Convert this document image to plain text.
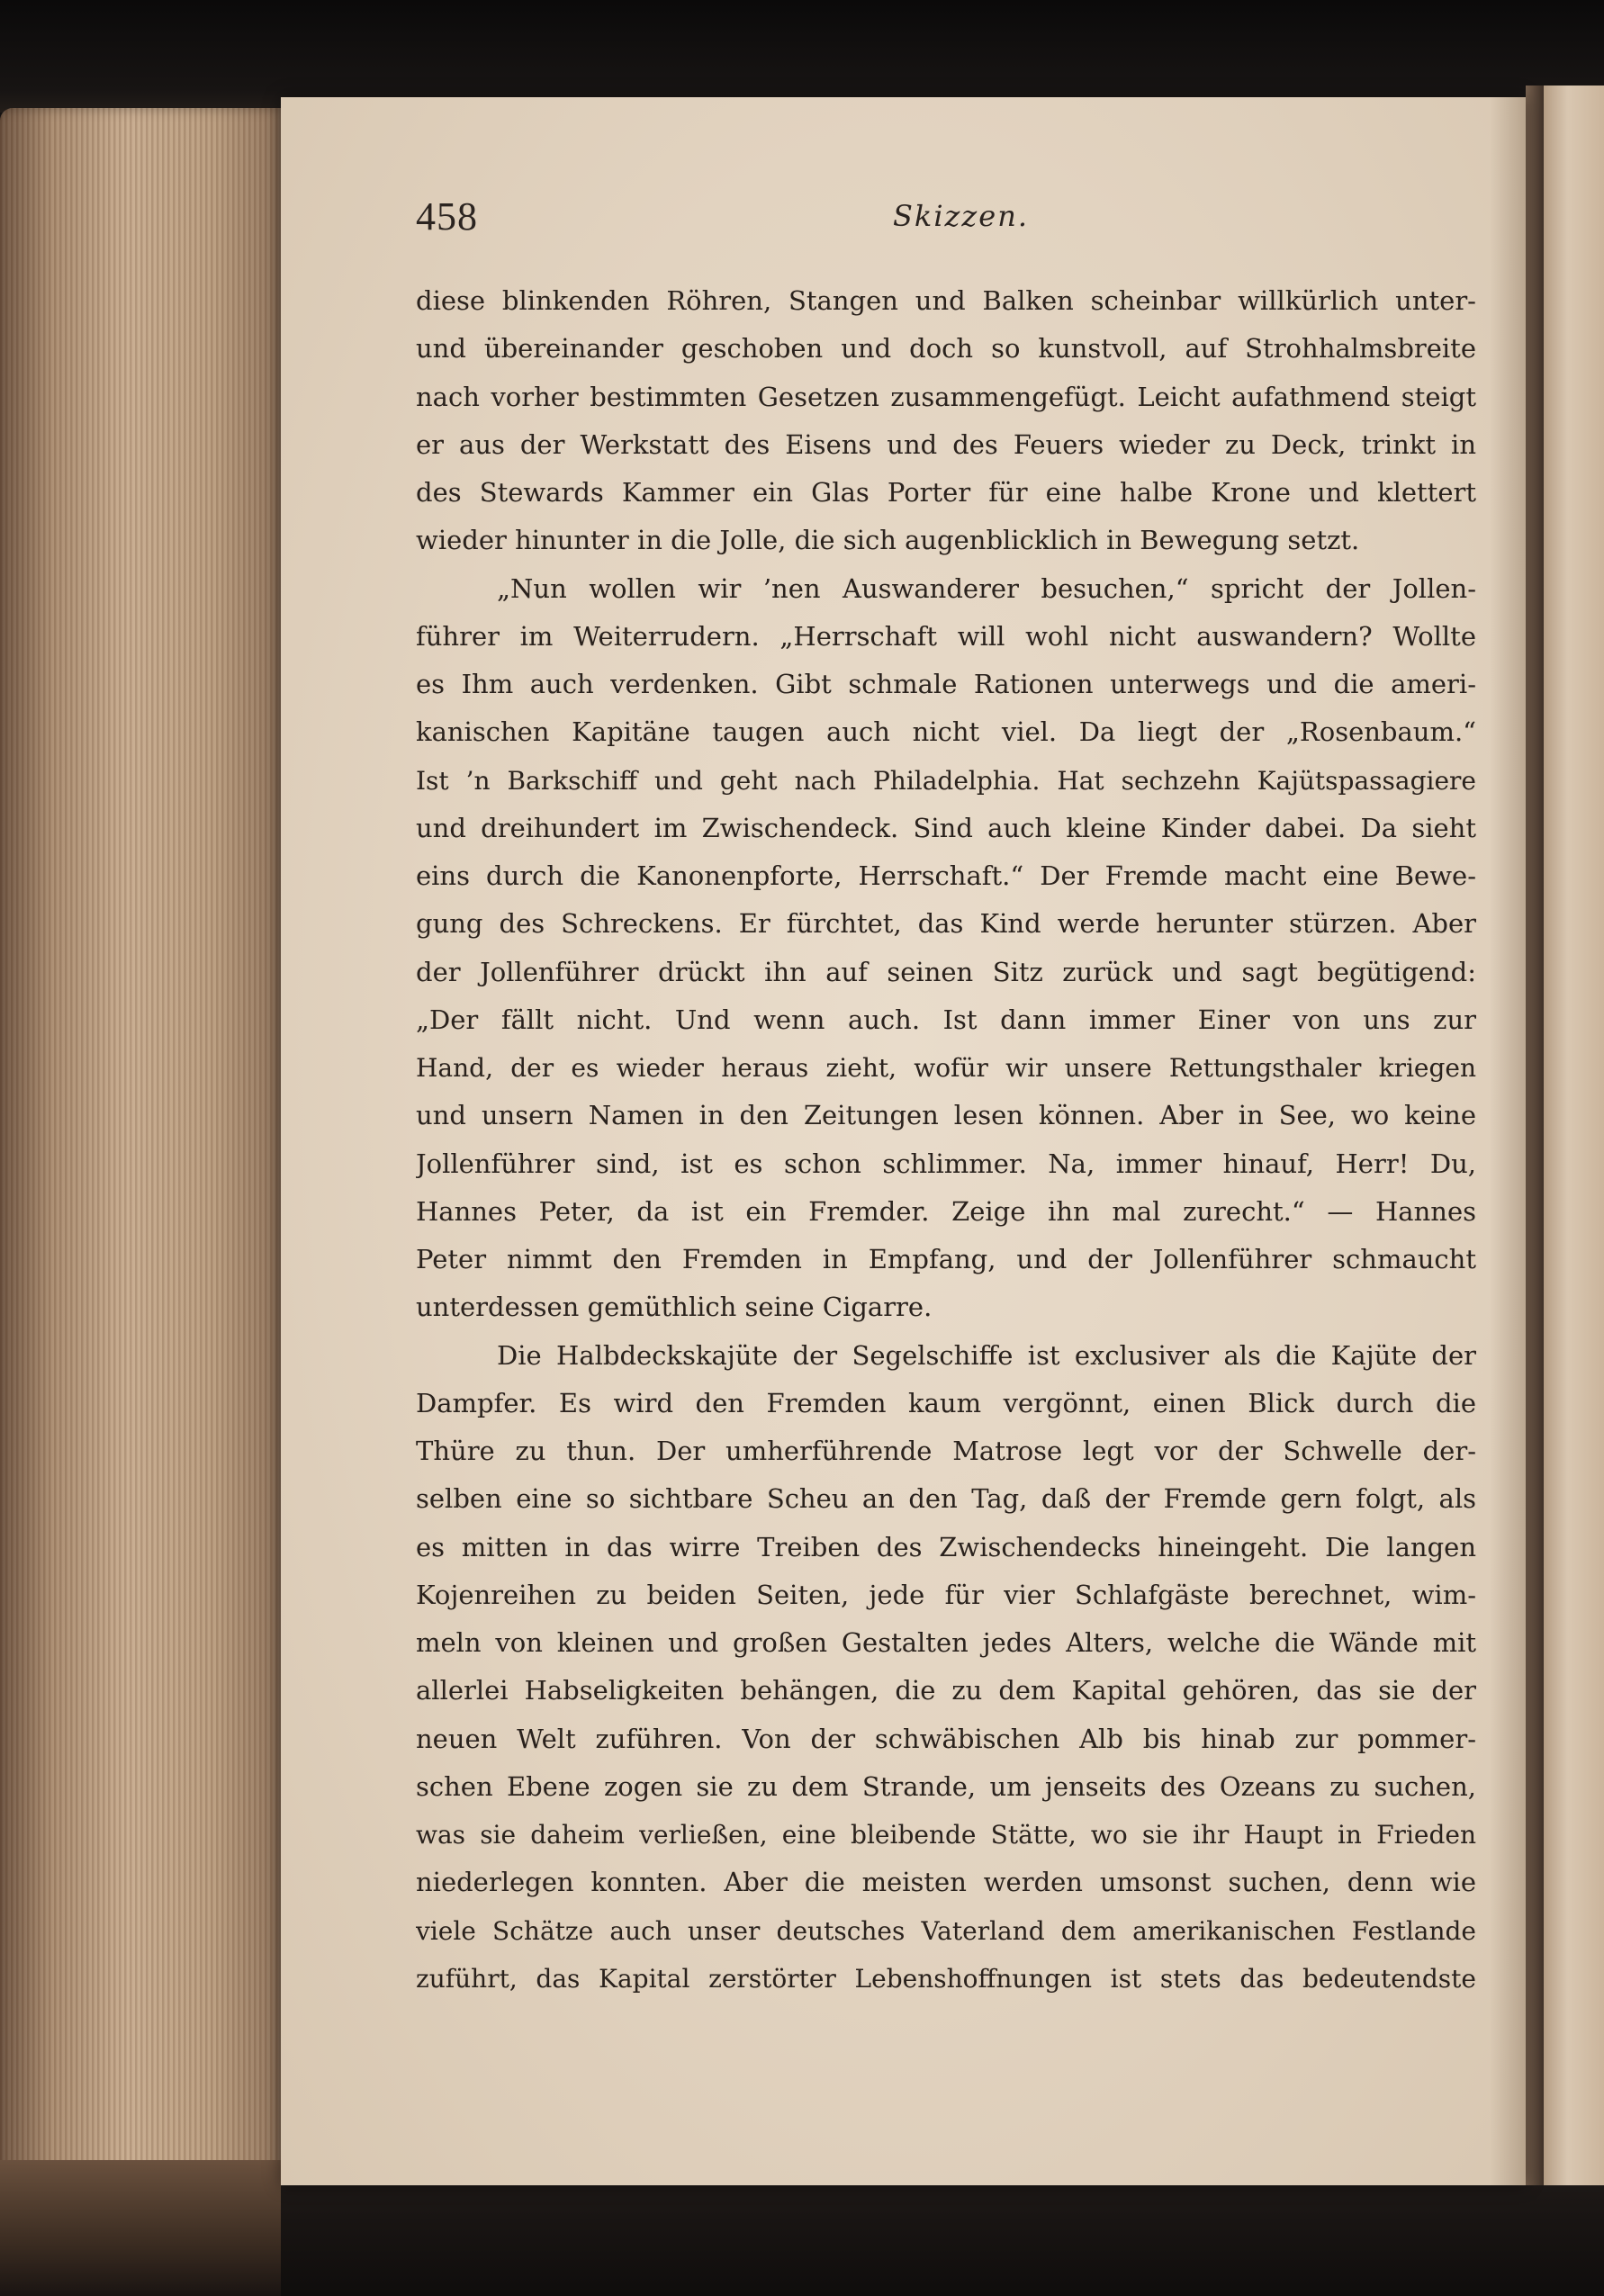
458	Skizzen.
diese blinkenden Röhren, Stangen und Balken scheinbar willkürlich unter-
und übereinander geschoben und doch so kunstvoll, auf Strohhalmsbreite
nach vorher bestimmten Gesetzen zusammengefügt. Leicht aufathmend steigt
er aus der Werkstatt des Eisens und des Feuers wieder zu Deck, trinkt in
des Stewards Kammer ein Glas Porter für eine halbe Krone und klettert
wieder hinunter in die Jolle, die sich augenblicklich in Bewegung setzt.
„Nun wollen wir ’nen Auswanderer besuchen,“ spricht der Jollen-
führer im Weiterrudern. „Herrschaft will wohl nicht auswandern? Wollte
es Ihm auch verdenken. Gibt schmale Rationen unterwegs und die ameri-
kanischen Kapitäne taugen auch nicht viel. Da liegt der „Rosenbaum.“
Ist ’n Barkschiff und geht nach Philadelphia. Hat sechzehn Kajütspassagiere
und dreihundert im Zwischendeck. Sind auch kleine Kinder dabei. Da sieht
eins durch die Kanonenpforte, Herrschaft.“ Der Fremde macht eine Bewe-
gung des Schreckens. Er fürchtet, das Kind werde herunter stürzen. Aber
der Jollenführer drückt ihn auf seinen Sitz zurück und sagt begütigend:
„Der fällt nicht. Und wenn auch. Ist dann immer Einer von uns zur
Hand, der es wieder heraus zieht, wofür wir unsere Rettungsthaler kriegen
und unsern Namen in den Zeitungen lesen können. Aber in See, wo keine
Jollenführer sind, ist es schon schlimmer. Na, immer hinauf, Herr! Du,
Hannes Peter, da ist ein Fremder. Zeige ihn mal zurecht.“ — Hannes
Peter nimmt den Fremden in Empfang, und der Jollenführer schmaucht
unterdessen gemüthlich seine Cigarre.
Die Halbdeckskajüte der Segelschiffe ist exclusiver als die Kajüte der
Dampfer. Es wird den Fremden kaum vergönnt, einen Blick durch die
Thüre zu thun. Der umherführende Matrose legt vor der Schwelle der-
selben eine so sichtbare Scheu an den Tag, daß der Fremde gern folgt, als
es mitten in das wirre Treiben des Zwischendecks hineingeht. Die langen
Kojenreihen zu beiden Seiten, jede für vier Schlafgäste berechnet, wim-
meln von kleinen und großen Gestalten jedes Alters, welche die Wände mit
allerlei Habseligkeiten behängen, die zu dem Kapital gehören, das sie der
neuen Welt zuführen. Von der schwäbischen Alb bis hinab zur pommer-
schen Ebene zogen sie zu dem Strande, um jenseits des Ozeans zu suchen,
was sie daheim verließen, eine bleibende Stätte, wo sie ihr Haupt in Frieden
niederlegen konnten. Aber die meisten werden umsonst suchen, denn wie
viele Schätze auch unser deutsches Vaterland dem amerikanischen Festlande
zuführt, das Kapital zerstörter Lebenshoffnungen ist stets das bedeutendste
